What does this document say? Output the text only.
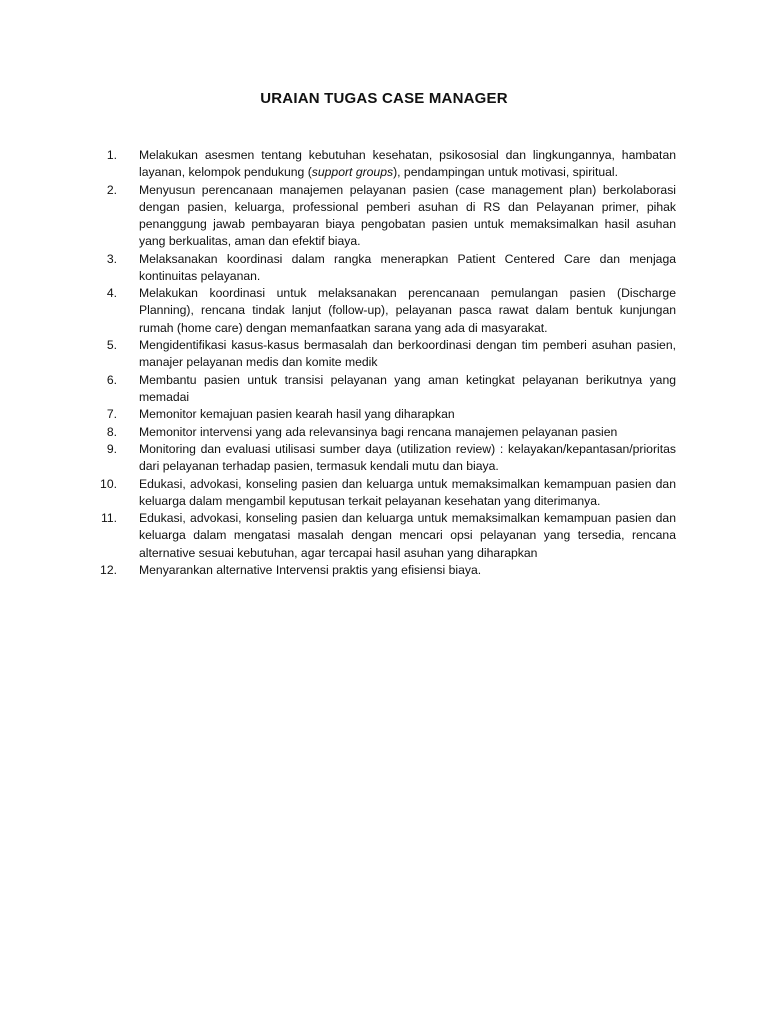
URAIAN TUGAS CASE MANAGER
1. Melakukan asesmen tentang kebutuhan kesehatan, psikososial dan lingkungannya, hambatan layanan, kelompok pendukung (support groups), pendampingan untuk motivasi, spiritual.
2. Menyusun perencanaan manajemen pelayanan pasien (case management plan) berkolaborasi dengan pasien, keluarga, professional pemberi asuhan di RS dan Pelayanan primer, pihak penanggung jawab pembayaran biaya pengobatan pasien untuk memaksimalkan hasil asuhan yang berkualitas, aman dan efektif biaya.
3. Melaksanakan koordinasi dalam rangka menerapkan Patient Centered Care dan menjaga kontinuitas pelayanan.
4. Melakukan koordinasi untuk melaksanakan perencanaan pemulangan pasien (Discharge Planning), rencana tindak lanjut (follow-up), pelayanan pasca rawat dalam bentuk kunjungan rumah (home care) dengan memanfaatkan sarana yang ada di masyarakat.
5. Mengidentifikasi kasus-kasus bermasalah dan berkoordinasi dengan tim pemberi asuhan pasien, manajer pelayanan medis dan komite medik
6. Membantu pasien untuk transisi pelayanan yang aman ketingkat pelayanan berikutnya yang memadai
7. Memonitor kemajuan pasien kearah hasil yang diharapkan
8. Memonitor intervensi yang ada relevansinya bagi rencana manajemen pelayanan pasien
9. Monitoring dan evaluasi utilisasi sumber daya (utilization review) : kelayakan/kepantasan/prioritas dari pelayanan terhadap pasien, termasuk kendali mutu dan biaya.
10. Edukasi, advokasi, konseling pasien dan keluarga untuk memaksimalkan kemampuan pasien dan keluarga dalam mengambil keputusan terkait pelayanan kesehatan yang diterimanya.
11. Edukasi, advokasi, konseling pasien dan keluarga untuk memaksimalkan kemampuan pasien dan keluarga dalam mengatasi masalah dengan mencari opsi pelayanan yang tersedia, rencana alternative sesuai kebutuhan, agar tercapai hasil asuhan yang diharapkan
12. Menyarankan alternative Intervensi praktis yang efisiensi biaya.
